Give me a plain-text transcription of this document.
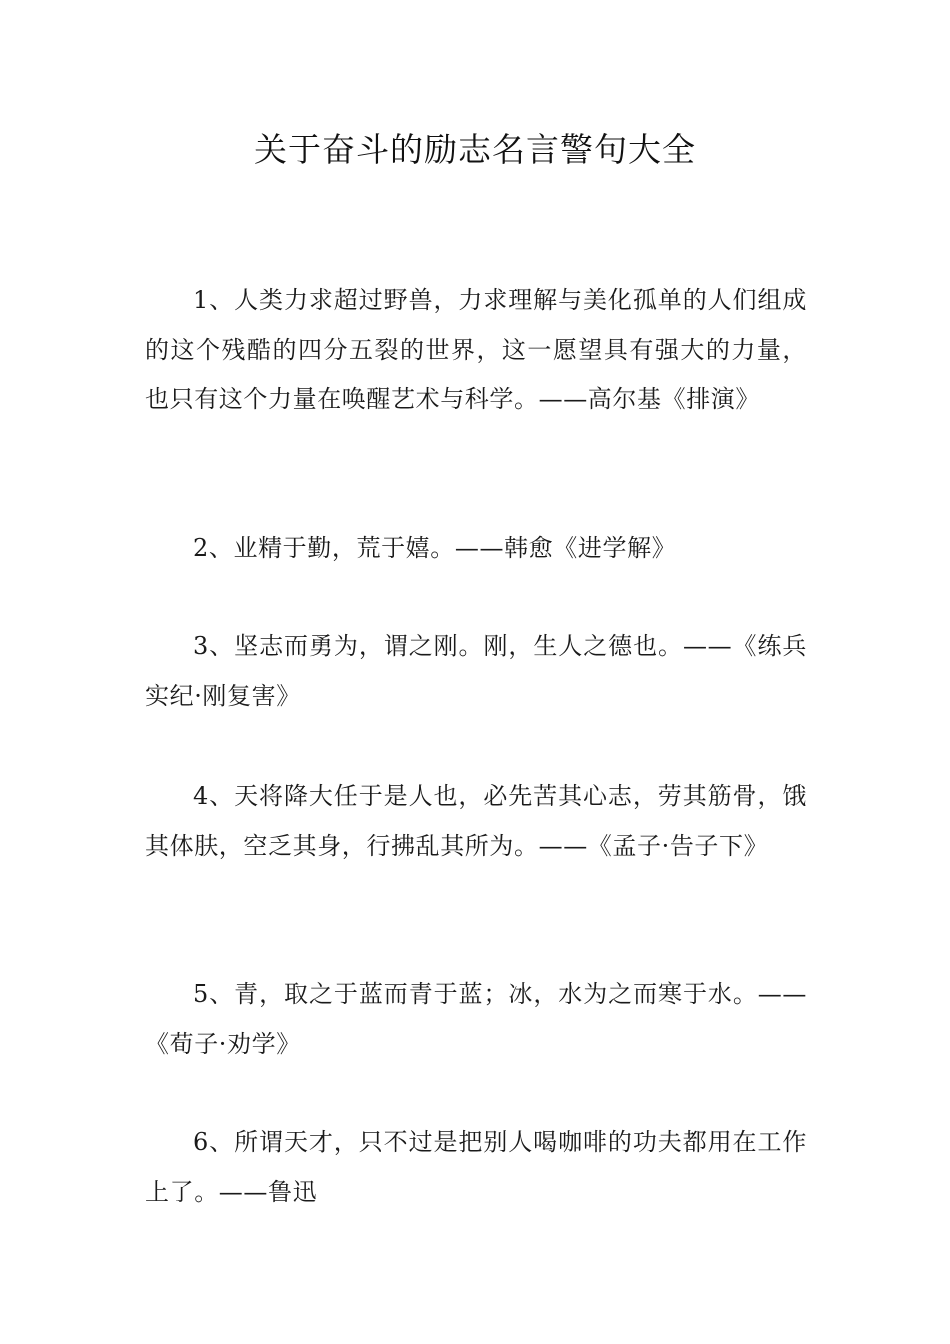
关于奋斗的励志名言警句大全

1、人类力求超过野兽，力求理解与美化孤单的人们组成的这个残酷的四分五裂的世界，这一愿望具有强大的力量，也只有这个力量在唤醒艺术与科学。——高尔基《排演》

2、业精于勤，荒于嬉。——韩愈《进学解》

3、坚志而勇为，谓之刚。刚，生人之德也。——《练兵实纪·刚复害》

4、天将降大任于是人也，必先苦其心志，劳其筋骨，饿其体肤，空乏其身，行拂乱其所为。——《孟子·告子下》

5、青，取之于蓝而青于蓝；冰，水为之而寒于水。——《荀子·劝学》

6、所谓天才，只不过是把别人喝咖啡的功夫都用在工作上了。——鲁迅
